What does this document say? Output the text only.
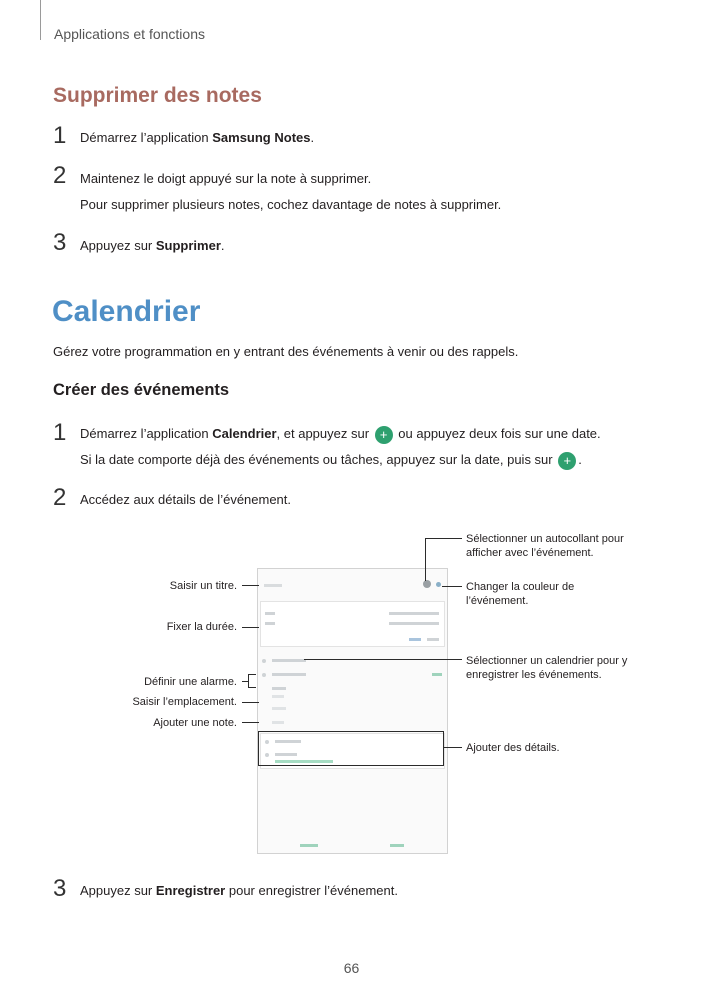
Applications et fonctions
Supprimer des notes
1 Démarrez l’application Samsung Notes.
2 Maintenez le doigt appuyé sur la note à supprimer.
Pour supprimer plusieurs notes, cochez davantage de notes à supprimer.
3 Appuyez sur Supprimer.
Calendrier
Gérez votre programmation en y entrant des événements à venir ou des rappels.
Créer des événements
1 Démarrez l’application Calendrier, et appuyez sur + ou appuyez deux fois sur une date.
Si la date comporte déjà des événements ou tâches, appuyez sur la date, puis sur + .
2 Accédez aux détails de l’événement.
Saisir un titre.
Fixer la durée.
Définir une alarme.
Saisir l’emplacement.
Ajouter une note.
Sélectionner un autocollant pour
afficher avec l’événement.
Changer la couleur de
l’événement.
Sélectionner un calendrier pour y
enregistrer les événements.
Ajouter des détails.
3 Appuyez sur Enregistrer pour enregistrer l’événement.
66
